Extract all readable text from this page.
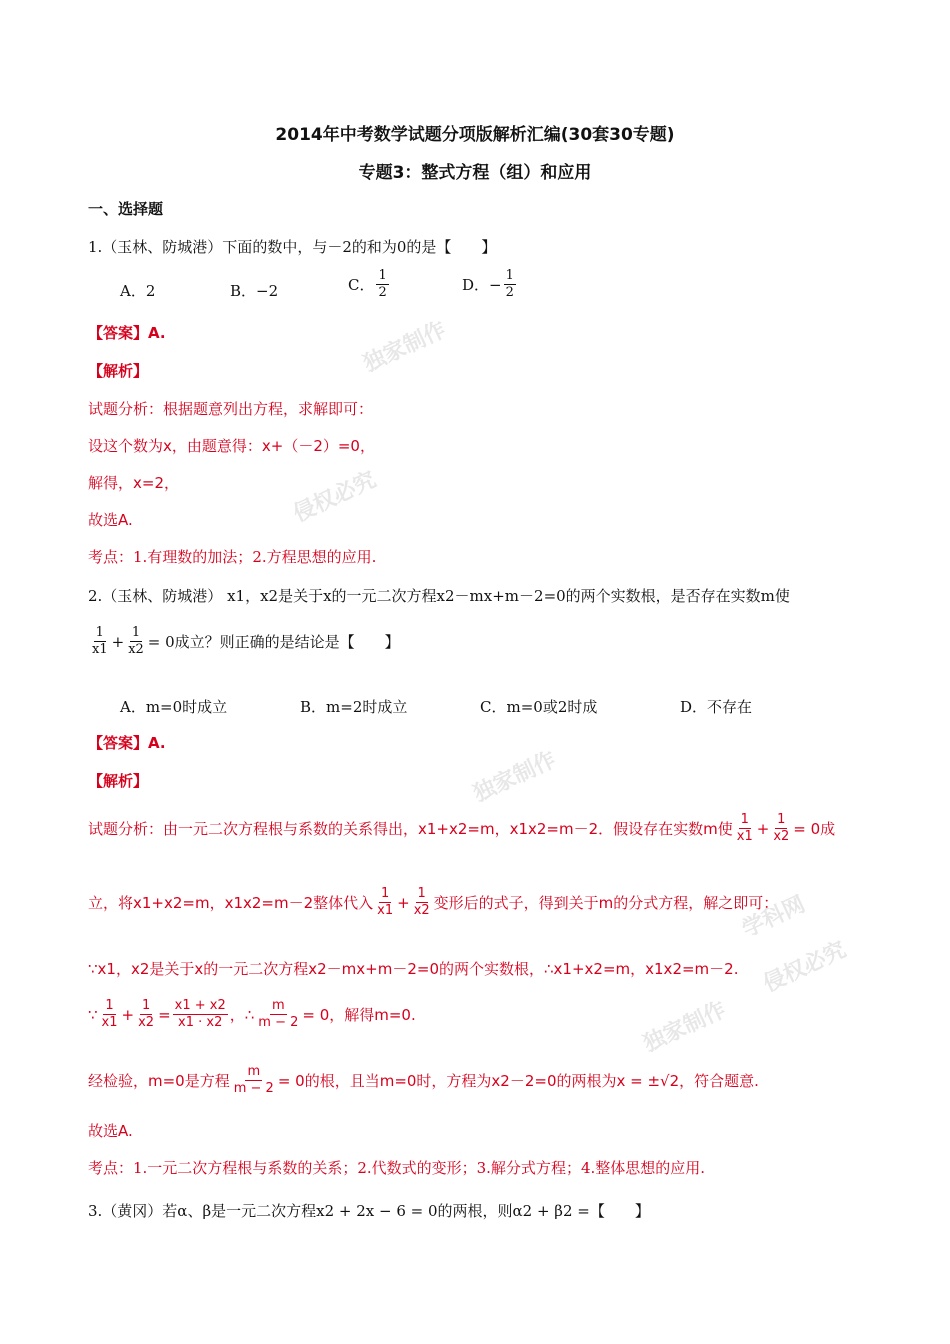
独家制作
侵权必究
独家制作
侵权必究
独家制作
学科网
2014年中考数学试题分项版解析汇编(30套30专题)
专题3：整式方程（组）和应用
一、选择题
1.（玉林、防城港）下面的数中，与－2的和为0的是【　　】
A．2	B．−2	C． $\frac{1}{2}$	D．− $\frac{1}{2}$
【答案】A.
【解析】
试题分析：根据题意列出方程，求解即可：
设这个数为x，由题意得：x+（－2）=0，
解得，x=2，
故选A.
考点：1.有理数的加法；2.方程思想的应用.
2.（玉林、防城港） x1，x2是关于x的一元二次方程x2－mx+m－2=0的两个实数根，是否存在实数m使
$\frac{1}{x1} + \frac{1}{x2} = 0$成立？则正确的是结论是【　　】
A．m=0时成立	B．m=2时成立	C．m=0或2时成	D．不存在
【答案】A.
【解析】
试题分析：由一元二次方程根与系数的关系得出，x1+x2=m，x1x2=m－2．假设存在实数m使 $\frac{1}{x1} + \frac{1}{x2} = 0$成
立，将x1+x2=m，x1x2=m－2整体代入 $\frac{1}{x1} + \frac{1}{x2}$ 变形后的式子，得到关于m的分式方程，解之即可：
∵x1，x2是关于x的一元二次方程x2－mx+m－2=0的两个实数根，∴x1+x2=m，x1x2=m－2.
∵ $\frac{1}{x1} + \frac{1}{x2} = \frac{x1 + x2}{x1 \cdot x2}$ ，∴ $\frac{m}{m - 2} = 0$，解得m=0.
经检验，m=0是方程 $\frac{m}{m - 2} = 0$的根，且当m=0时，方程为x2－2=0的两根为x = ±√2，符合题意.
故选A.
考点：1.一元二次方程根与系数的关系；2.代数式的变形；3.解分式方程；4.整体思想的应用.
3.（黄冈）若α、β是一元二次方程x2 + 2x − 6 = 0的两根，则α2 + β2 =【　　】
